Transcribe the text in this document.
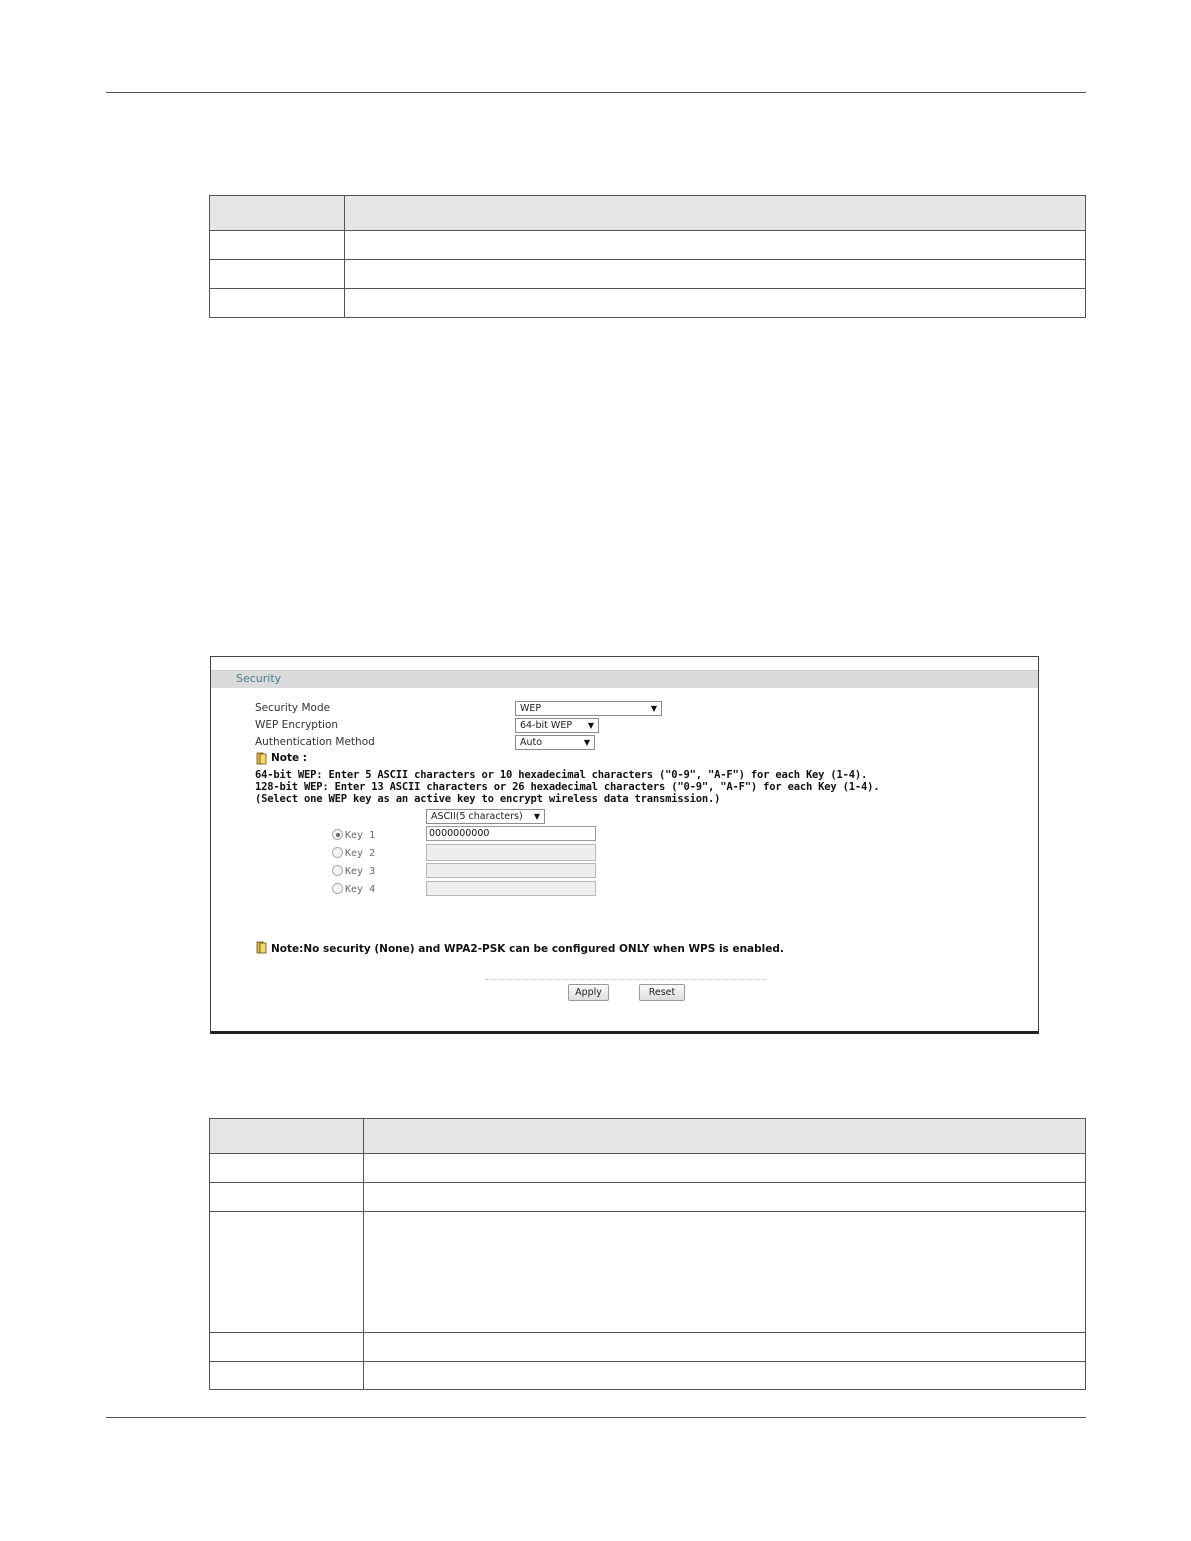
Security
Security Mode	WEP	▼
WEP Encryption	64-bit WEP ▼
Authentication Method	Auto	▼
Note :
64-bit WEP: Enter 5 ASCII characters or 10 hexadecimal characters ("0-9", "A-F") for each Key (1-4).
128-bit WEP: Enter 13 ASCII characters or 26 hexadecimal characters ("0-9", "A-F") for each Key (1-4).
(Select one WEP key as an active key to encrypt wireless data transmission.)
ASCII(5 characters) ▼
Key 1	0000000000
Key 2
Key 3
Key 4
Note:No security (None) and WPA2-PSK can be configured ONLY when WPS is enabled.
Apply	Reset
